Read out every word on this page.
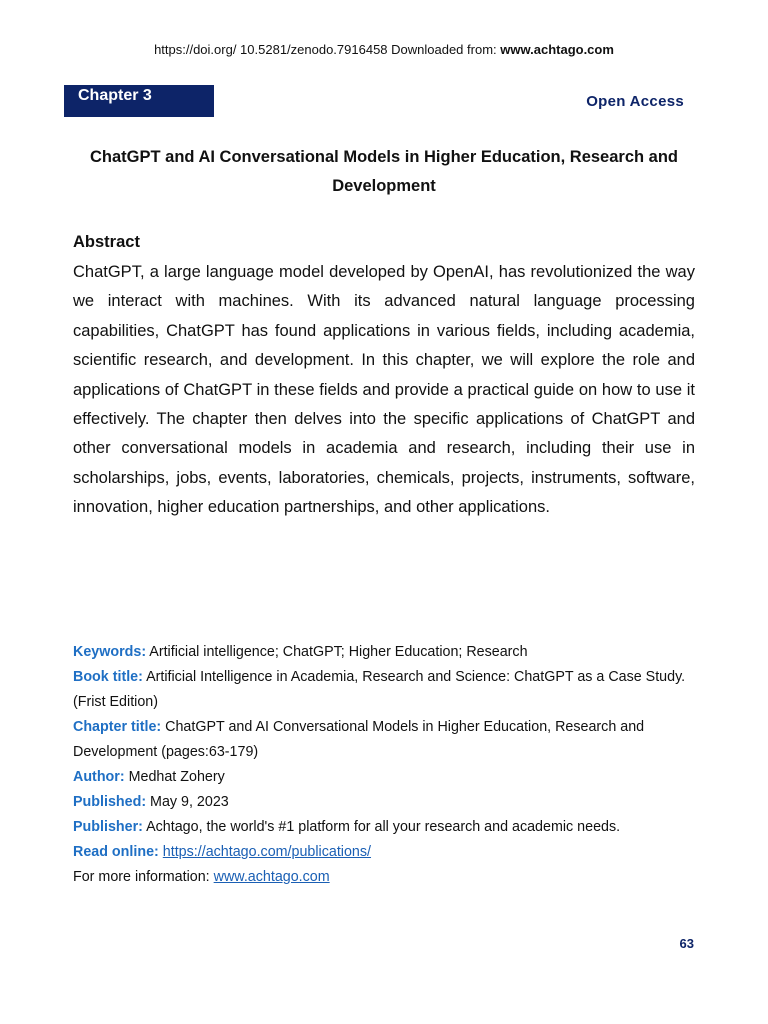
https://doi.org/ 10.5281/zenodo.7916458 Downloaded from: www.achtago.com
Chapter 3	Open Access
ChatGPT and AI Conversational Models in Higher Education, Research and Development
Abstract
ChatGPT, a large language model developed by OpenAI, has revolutionized the way we interact with machines. With its advanced natural language processing capabilities, ChatGPT has found applications in various fields, including academia, scientific research, and development. In this chapter, we will explore the role and applications of ChatGPT in these fields and provide a practical guide on how to use it effectively. The chapter then delves into the specific applications of ChatGPT and other conversational models in academia and research, including their use in scholarships, jobs, events, laboratories, chemicals, projects, instruments, software, innovation, higher education partnerships, and other applications.

Keywords: Artificial intelligence; ChatGPT; Higher Education; Research

Book title: Artificial Intelligence in Academia, Research and Science: ChatGPT as a Case Study. (Frist Edition)

Chapter title: ChatGPT and AI Conversational Models in Higher Education, Research and Development (pages:63-179)

Author: Medhat Zohery

Published: May 9, 2023

Publisher: Achtago, the world's #1 platform for all your research and academic needs.

Read online: https://achtago.com/publications/

For more information: www.achtago.com

63
